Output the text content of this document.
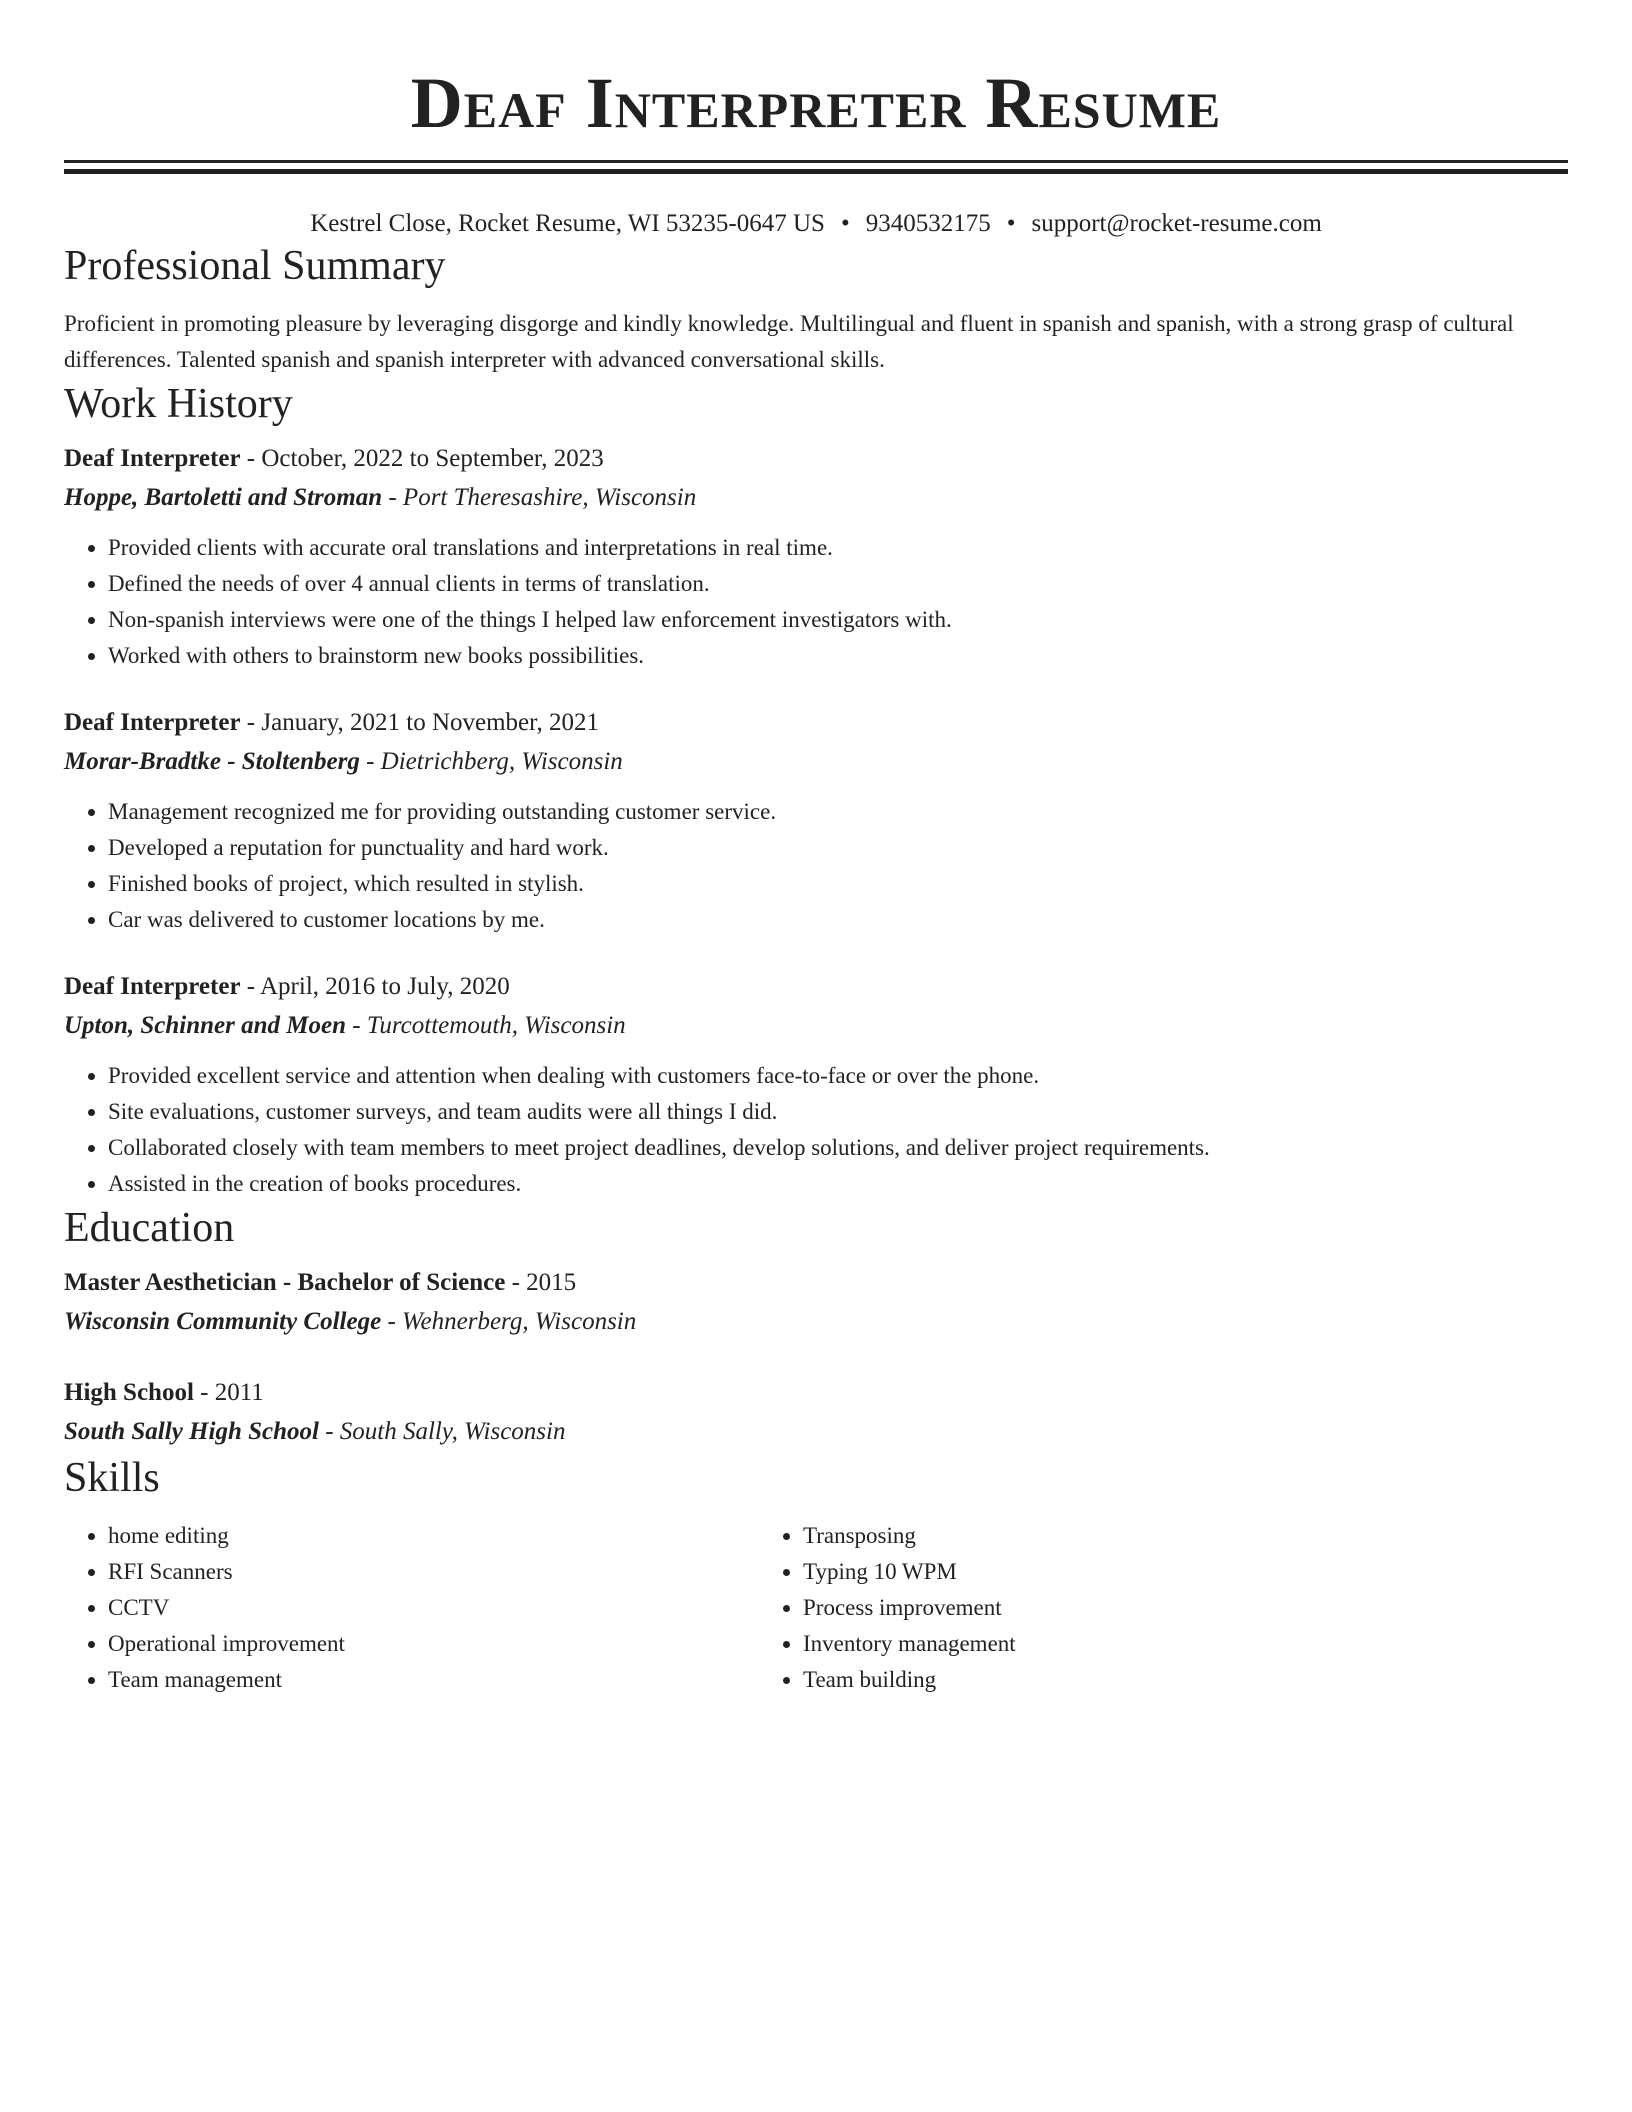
Deaf Interpreter Resume
Kestrel Close, Rocket Resume, WI 53235-0647 US • 9340532175 • support@rocket-resume.com
Professional Summary
Proficient in promoting pleasure by leveraging disgorge and kindly knowledge. Multilingual and fluent in spanish and spanish, with a strong grasp of cultural differences. Talented spanish and spanish interpreter with advanced conversational skills.
Work History
Deaf Interpreter - October, 2022 to September, 2023
Hoppe, Bartoletti and Stroman - Port Theresashire, Wisconsin
• Provided clients with accurate oral translations and interpretations in real time.
• Defined the needs of over 4 annual clients in terms of translation.
• Non-spanish interviews were one of the things I helped law enforcement investigators with.
• Worked with others to brainstorm new books possibilities.
Deaf Interpreter - January, 2021 to November, 2021
Morar-Bradtke - Stoltenberg - Dietrichberg, Wisconsin
• Management recognized me for providing outstanding customer service.
• Developed a reputation for punctuality and hard work.
• Finished books of project, which resulted in stylish.
• Car was delivered to customer locations by me.
Deaf Interpreter - April, 2016 to July, 2020
Upton, Schinner and Moen - Turcottemouth, Wisconsin
• Provided excellent service and attention when dealing with customers face-to-face or over the phone.
• Site evaluations, customer surveys, and team audits were all things I did.
• Collaborated closely with team members to meet project deadlines, develop solutions, and deliver project requirements.
• Assisted in the creation of books procedures.
Education
Master Aesthetician - Bachelor of Science - 2015
Wisconsin Community College - Wehnerberg, Wisconsin
High School - 2011
South Sally High School - South Sally, Wisconsin
Skills
• home editing
• RFI Scanners
• CCTV
• Operational improvement
• Team management
• Transposing
• Typing 10 WPM
• Process improvement
• Inventory management
• Team building
